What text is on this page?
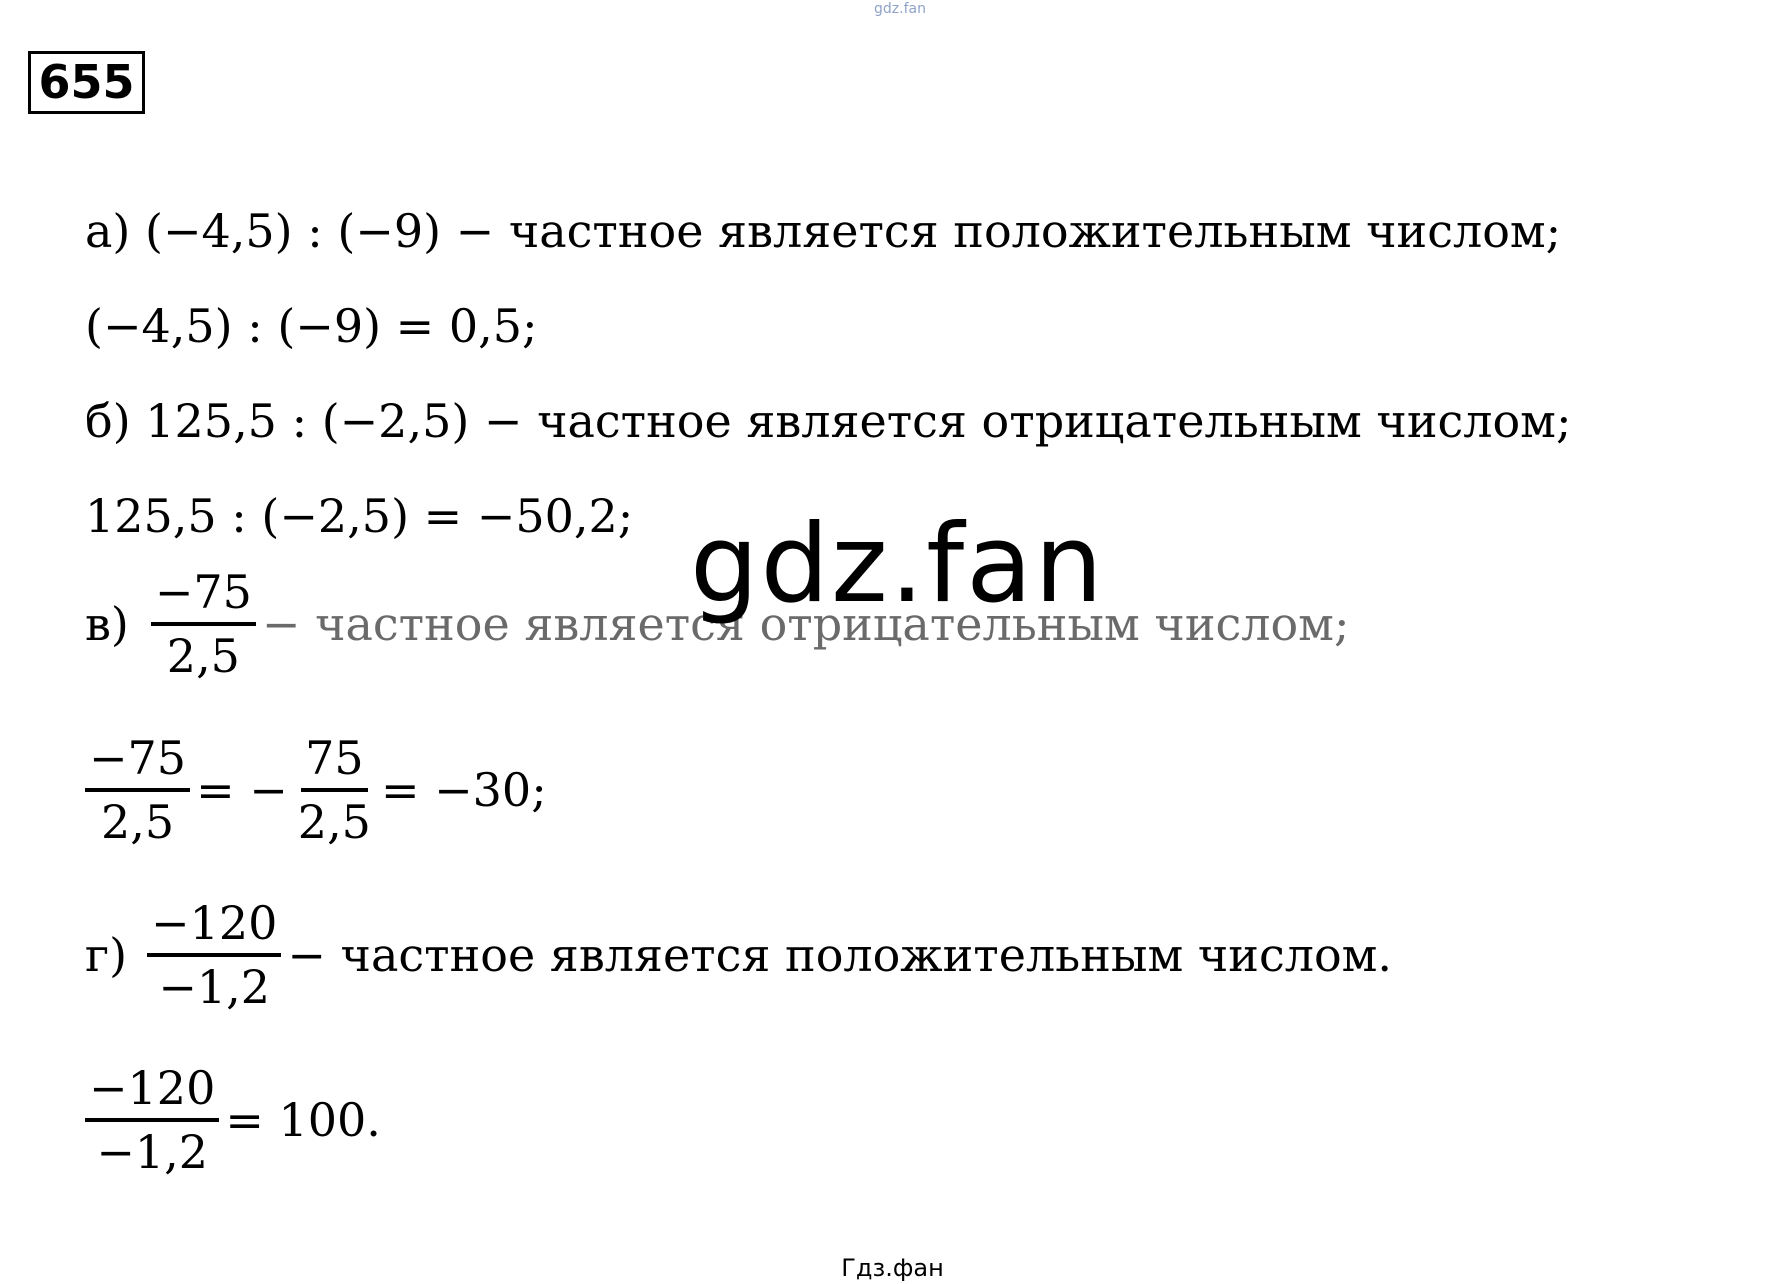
gdz.fan
655
а) (−4,5) : (−9) − частное является положительным числом;
(−4,5) : (−9) = 0,5;
б) 125,5 : (−2,5) − частное является отрицательным числом;
125,5 : (−2,5) = −50,2;
$в) \frac{-75}{2,5}$ − частное является отрицательным числом;
gdz.fan
$\frac{-75}{2,5}$ = − $\frac{75}{2,5} = -30$;
$г) \frac{-120}{-1,2}$ − частное является положительным числом.
$\frac{-120}{-1,2} = 100$.
Гдз.фан
